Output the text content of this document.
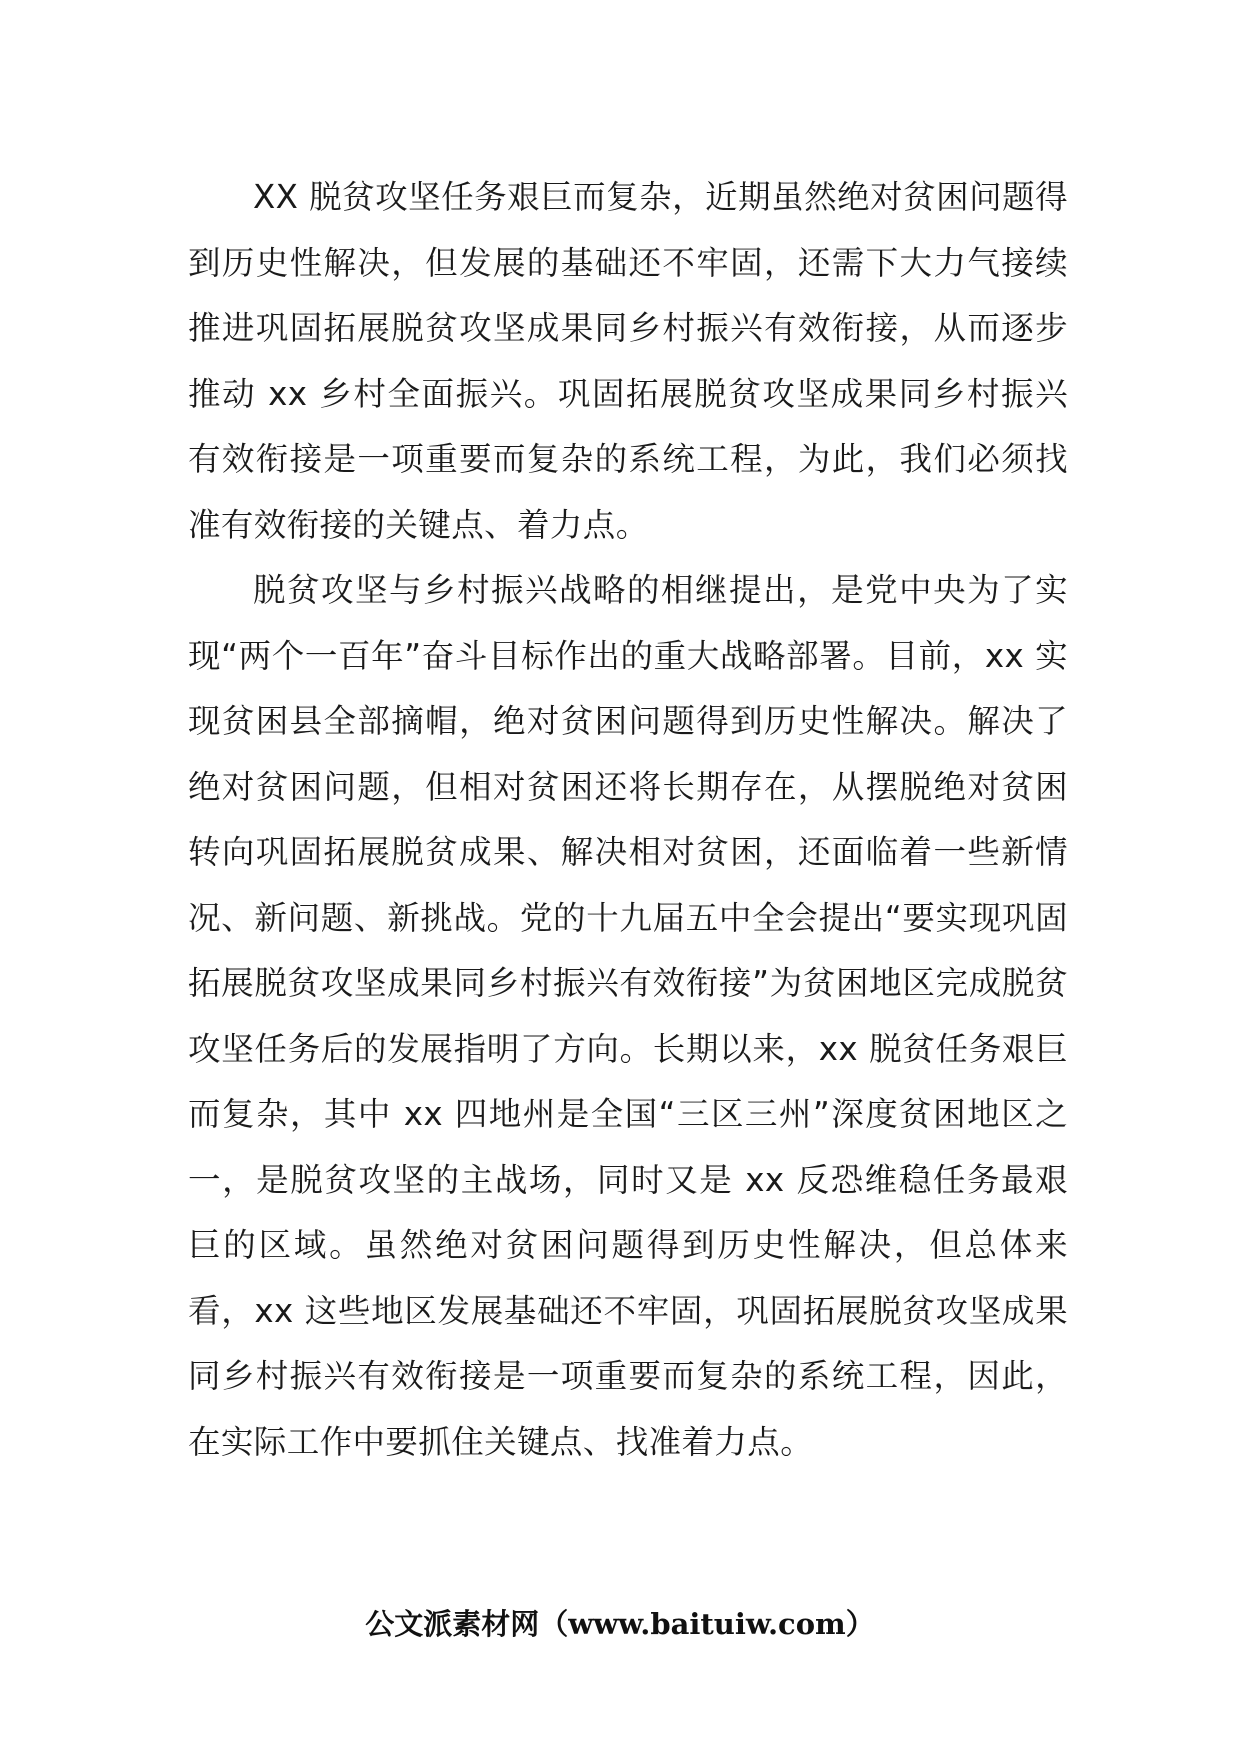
XX 脱贫攻坚任务艰巨而复杂，近期虽然绝对贫困问题得到历史性解决，但发展的基础还不牢固，还需下大力气接续推进巩固拓展脱贫攻坚成果同乡村振兴有效衔接，从而逐步推动 xx 乡村全面振兴。巩固拓展脱贫攻坚成果同乡村振兴有效衔接是一项重要而复杂的系统工程，为此，我们必须找准有效衔接的关键点、着力点。

脱贫攻坚与乡村振兴战略的相继提出，是党中央为了实现“两个一百年”奋斗目标作出的重大战略部署。目前，xx 实现贫困县全部摘帽，绝对贫困问题得到历史性解决。解决了绝对贫困问题，但相对贫困还将长期存在，从摆脱绝对贫困转向巩固拓展脱贫成果、解决相对贫困，还面临着一些新情况、新问题、新挑战。党的十九届五中全会提出“要实现巩固拓展脱贫攻坚成果同乡村振兴有效衔接”为贫困地区完成脱贫攻坚任务后的发展指明了方向。长期以来，xx 脱贫任务艰巨而复杂，其中 xx 四地州是全国“三区三州”深度贫困地区之一，是脱贫攻坚的主战场，同时又是 xx 反恐维稳任务最艰巨的区域。虽然绝对贫困问题得到历史性解决，但总体来看，xx 这些地区发展基础还不牢固，巩固拓展脱贫攻坚成果同乡村振兴有效衔接是一项重要而复杂的系统工程，因此，在实际工作中要抓住关键点、找准着力点。

公文派素材网（www.baituiw.com）
